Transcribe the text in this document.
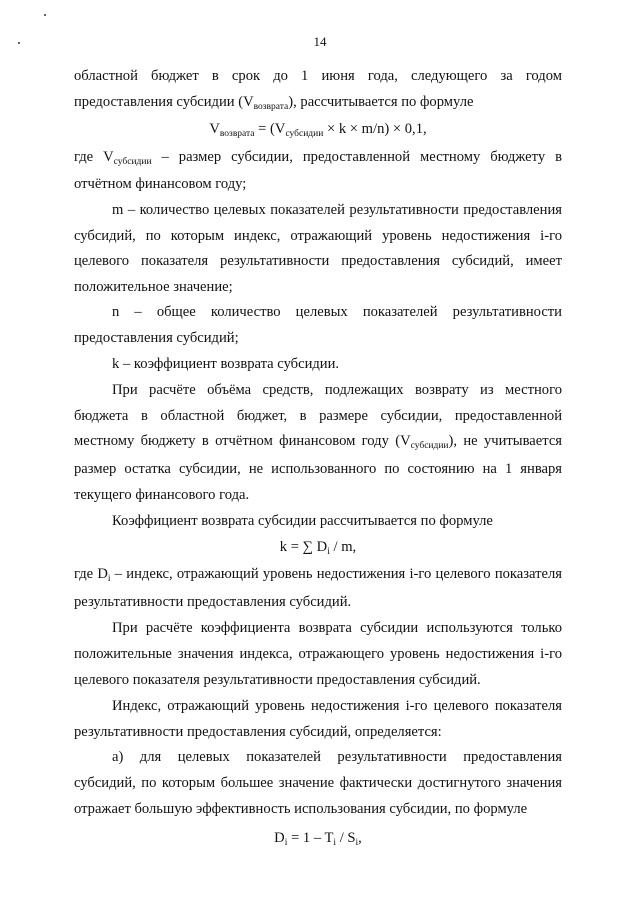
14

областной бюджет в срок до 1 июня года, следующего за годом предоставления субсидии $(V_{возврата})$, рассчитывается по формуле

$V_{возврата} = (V_{субсидии} \times k \times m/n) \times 0,1$,

где $V_{субсидии}$ – размер субсидии, предоставленной местному бюджету в отчётном финансовом году;

m – количество целевых показателей результативности предоставления субсидий, по которым индекс, отражающий уровень недостижения i-го целевого показателя результативности предоставления субсидий, имеет положительное значение;

n – общее количество целевых показателей результативности предоставления субсидий;

k – коэффициент возврата субсидии.

При расчёте объёма средств, подлежащих возврату из местного бюджета в областной бюджет, в размере субсидии, предоставленной местному бюджету в отчётном финансовом году $(V_{субсидии})$, не учитывается размер остатка субсидии, не использованного по состоянию на 1 января текущего финансового года.

Коэффициент возврата субсидии рассчитывается по формуле

k = ∑ $D_i$ / m,

где $D_i$ – индекс, отражающий уровень недостижения i-го целевого показателя результативности предоставления субсидий.

При расчёте коэффициента возврата субсидии используются только положительные значения индекса, отражающего уровень недостижения i-го целевого показателя результативности предоставления субсидий.

Индекс, отражающий уровень недостижения i-го целевого показателя результативности предоставления субсидий, определяется:

а) для целевых показателей результативности предоставления субсидий, по которым большее значение фактически достигнутого значения отражает большую эффективность использования субсидии, по формуле

$D_i = 1 - T_i / S_i$,
